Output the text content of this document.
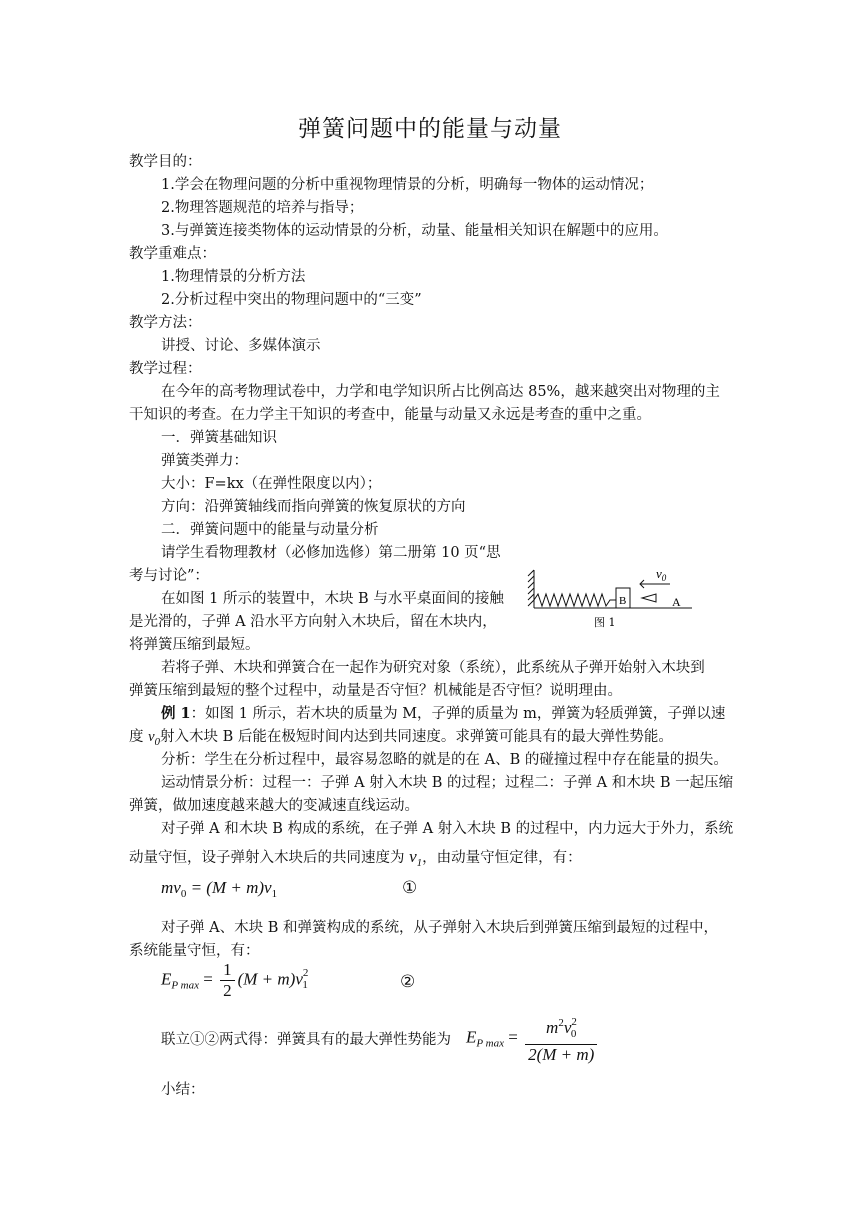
弹簧问题中的能量与动量
教学目的：
1.学会在物理问题的分析中重视物理情景的分析，明确每一物体的运动情况；
2.物理答题规范的培养与指导；
3.与弹簧连接类物体的运动情景的分析，动量、能量相关知识在解题中的应用。
教学重难点：
1.物理情景的分析方法
2.分析过程中突出的物理问题中的“三变”
教学方法：
讲授、讨论、多媒体演示
教学过程：
在今年的高考物理试卷中，力学和电学知识所占比例高达 85%，越来越突出对物理的主
干知识的考查。在力学主干知识的考查中，能量与动量又永远是考查的重中之重。
一．弹簧基础知识
弹簧类弹力：
大小：F=kx（在弹性限度以内）；
方向：沿弹簧轴线而指向弹簧的恢复原状的方向
二．弹簧问题中的能量与动量分析
请学生看物理教材（必修加选修）第二册第 10 页“思
考与讨论”：
在如图 1 所示的装置中，木块 B 与水平桌面间的接触
是光滑的，子弹 A 沿水平方向射入木块后，留在木块内，
将弹簧压缩到最短。
B	A
$v_0$
图 1
若将子弹、木块和弹簧合在一起作为研究对象（系统），此系统从子弹开始射入木块到
弹簧压缩到最短的整个过程中，动量是否守恒？机械能是否守恒？说明理由。
例 1：如图 1 所示，若木块的质量为 M，子弹的质量为 m，弹簧为轻质弹簧，子弹以速
度 $v_0$射入木块 B 后能在极短时间内达到共同速度。求弹簧可能具有的最大弹性势能。
分析：学生在分析过程中，最容易忽略的就是的在 A、B 的碰撞过程中存在能量的损失。
运动情景分析：过程一：子弹 A 射入木块 B 的过程；过程二：子弹 A 和木块 B 一起压缩
弹簧，做加速度越来越大的变减速直线运动。
对子弹 A 和木块 B 构成的系统，在子弹 A 射入木块 B 的过程中，内力远大于外力，系统
动量守恒，设子弹射入木块后的共同速度为 $v_1$，由动量守恒定律，有：
$mv_0 = (M + m)v_1$	①
对子弹 A、木块 B 和弹簧构成的系统，从子弹射入木块后到弹簧压缩到最短的过程中，
系统能量守恒，有：
$E_{P max} = \frac{1}{2} (M + m)v_{21}$	②
联立①②两式得：弹簧具有的最大弹性势能为 $E_{P max} = \frac{m^2v_{20}}{2(M + m)}$
小结：
